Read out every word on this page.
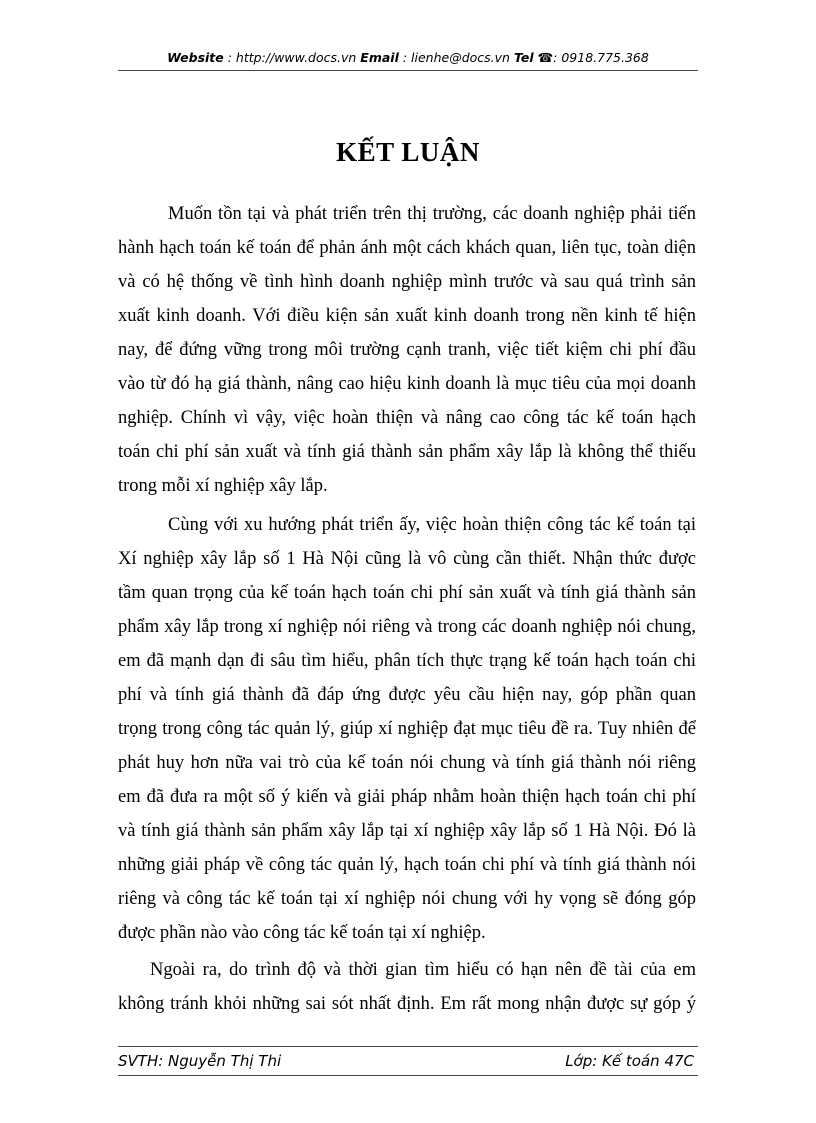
Website : http://www.docs.vn Email : lienhe@docs.vn Tel ☎: 0918.775.368
KẾT LUẬN
Muốn tồn tại và phát triển trên thị trường, các doanh nghiệp phải tiến
hành hạch toán kế toán để phản ánh một cách khách quan, liên tục, toàn diện
và có hệ thống về tình hình doanh nghiệp mình trước và sau quá trình sản
xuất kinh doanh. Với điều kiện sản xuất kinh doanh trong nền kinh tế hiện
nay, để đứng vững trong môi trường cạnh tranh, việc tiết kiệm chi phí đầu
vào từ đó hạ giá thành, nâng cao hiệu kinh doanh là mục tiêu của mọi doanh
nghiệp. Chính vì vậy, việc hoàn thiện và nâng cao công tác kế toán hạch
toán chi phí sản xuất và tính giá thành sản phẩm xây lắp là không thể thiếu
trong mỗi xí nghiệp xây lắp.
Cùng với xu hướng phát triển ấy, việc hoàn thiện công tác kế toán tại
Xí nghiệp xây lắp số 1 Hà Nội cũng là vô cùng cần thiết. Nhận thức được
tầm quan trọng của kế toán hạch toán chi phí sản xuất và tính giá thành sản
phẩm xây lắp trong xí nghiệp nói riêng và trong các doanh nghiệp nói chung,
em đã mạnh dạn đi sâu tìm hiểu, phân tích thực trạng kế toán hạch toán chi
phí và tính giá thành đã đáp ứng được yêu cầu hiện nay, góp phần quan
trọng trong công tác quản lý, giúp xí nghiệp đạt mục tiêu đề ra. Tuy nhiên để
phát huy hơn nữa vai trò của kế toán nói chung và tính giá thành nói riêng
em đã đưa ra một số ý kiến và giải pháp nhằm hoàn thiện hạch toán chi phí
và tính giá thành sản phẩm xây lắp tại xí nghiệp xây lắp số 1 Hà Nội. Đó là
những giải pháp về công tác quản lý, hạch toán chi phí và tính giá thành nói
riêng và công tác kế toán tại xí nghiệp nói chung với hy vọng sẽ đóng góp
được phần nào vào công tác kế toán tại xí nghiệp.
Ngoài ra, do trình độ và thời gian tìm hiểu có hạn nên đề tài của em
không tránh khỏi những sai sót nhất định. Em rất mong nhận được sự góp ý
SVTH: Nguyễn Thị Thi	Lớp: Kế toán 47C
